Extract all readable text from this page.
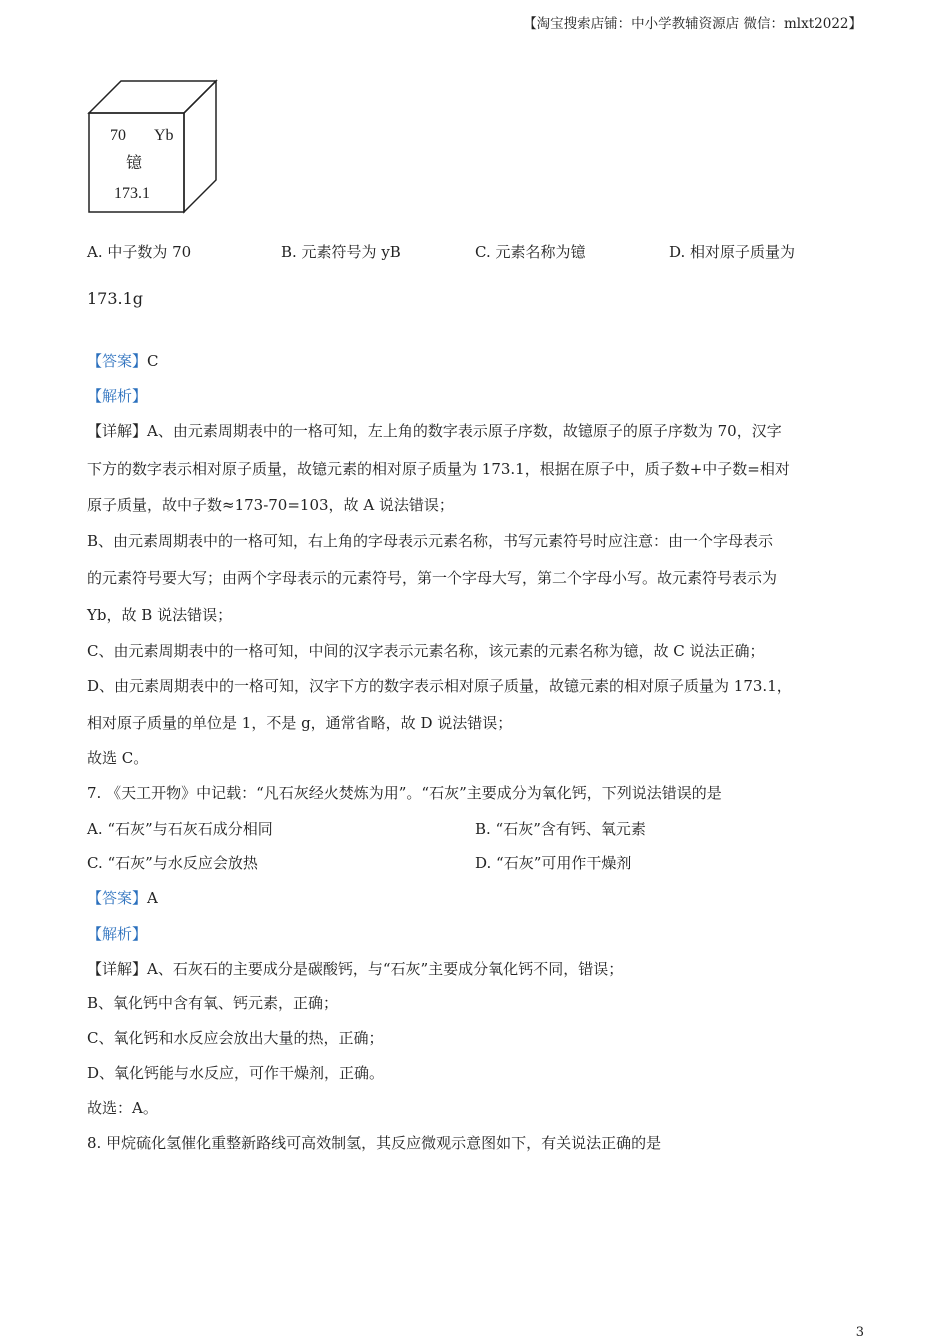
【淘宝搜索店铺：中小学教辅资源店 微信：mlxt2022】
70 Yb
镱
173.1
A. 中子数为 70	B. 元素符号为 yB	C. 元素名称为镱	D. 相对原子质量为
173.1g
【答案】C
【解析】
【详解】A、由元素周期表中的一格可知，左上角的数字表示原子序数，故镱原子的原子序数为 70，汉字
下方的数字表示相对原子质量，故镱元素的相对原子质量为 173.1，根据在原子中，质子数+中子数=相对
原子质量，故中子数≈173-70=103，故 A 说法错误；
B、由元素周期表中的一格可知，右上角的字母表示元素名称，书写元素符号时应注意：由一个字母表示
的元素符号要大写；由两个字母表示的元素符号，第一个字母大写，第二个字母小写。故元素符号表示为
Yb，故 B 说法错误；
C、由元素周期表中的一格可知，中间的汉字表示元素名称，该元素的元素名称为镱，故 C 说法正确；
D、由元素周期表中的一格可知，汉字下方的数字表示相对原子质量，故镱元素的相对原子质量为 173.1，
相对原子质量的单位是 1，不是 g，通常省略，故 D 说法错误；
故选 C。
7. 《天工开物》中记载：“凡石灰经火焚炼为用”。“石灰”主要成分为氧化钙，下列说法错误的是
A. “石灰”与石灰石成分相同	B. “石灰”含有钙、氧元素
C. “石灰”与水反应会放热	D. “石灰”可用作干燥剂
【答案】A
【解析】
【详解】A、石灰石的主要成分是碳酸钙，与“石灰”主要成分氧化钙不同，错误；
B、氧化钙中含有氧、钙元素，正确；
C、氧化钙和水反应会放出大量的热，正确；
D、氧化钙能与水反应，可作干燥剂，正确。
故选：A。
8. 甲烷硫化氢催化重整新路线可高效制氢，其反应微观示意图如下，有关说法正确的是
3
